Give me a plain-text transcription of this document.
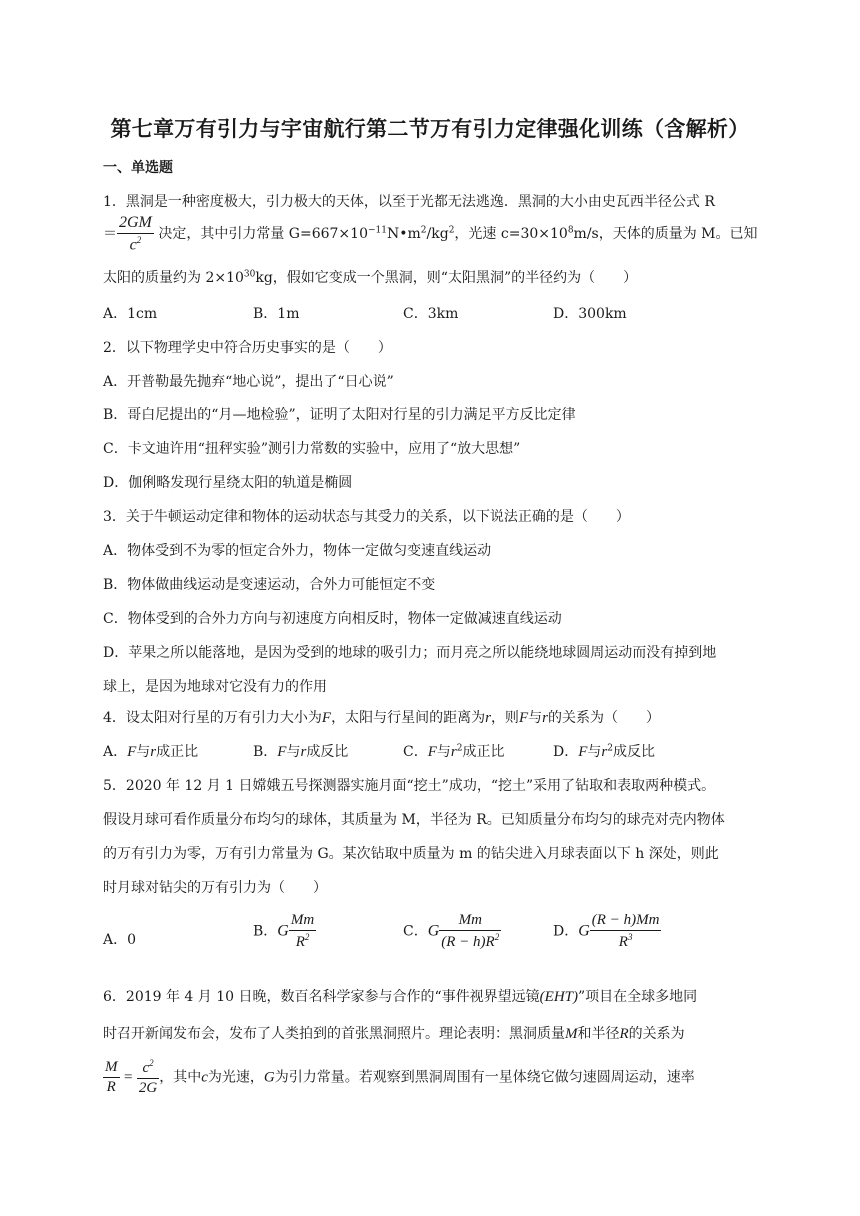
第七章万有引力与宇宙航行第二节万有引力定律强化训练（含解析）
一、单选题
1．黑洞是一种密度极大，引力极大的天体，以至于光都无法逃逸．黑洞的大小由史瓦西半径公式 R
＝ $\frac{2GM}{c^2}$ 决定，其中引力常量 $G=667\times 10^{-11}N•m^2/kg^2$，光速 $c=30\times 10^8m/s$，天体的质量为 M。已知
太阳的质量约为 $2\times 10^{30}kg$，假如它变成一个黑洞，则“太阳黑洞”的半径约为（　　）
A．1cm	B．1m	C．3km	D．300km
2．以下物理学史中符合历史事实的是（　　）
A．开普勒最先抛弃“地心说”，提出了“日心说”
B．哥白尼提出的“月—地检验”，证明了太阳对行星的引力满足平方反比定律
C．卡文迪许用“扭秤实验”测引力常数的实验中，应用了“放大思想”
D．伽俐略发现行星绕太阳的轨道是椭圆
3．关于牛顿运动定律和物体的运动状态与其受力的关系，以下说法正确的是（　　）
A．物体受到不为零的恒定合外力，物体一定做匀变速直线运动
B．物体做曲线运动是变速运动，合外力可能恒定不变
C．物体受到的合外力方向与初速度方向相反时，物体一定做减速直线运动
D．苹果之所以能落地，是因为受到的地球的吸引力；而月亮之所以能绕地球圆周运动而没有掉到地
球上，是因为地球对它没有力的作用
4．设太阳对行星的万有引力大小为F，太阳与行星间的距离为r，则F与r的关系为（　　）
A．F与r成正比	B．F与r成反比	C．F与$r^2$成正比	D．F与$r^2$成反比
5．2020 年 12 月 1 日嫦娥五号探测器实施月面“挖土”成功，“挖土”采用了钻取和表取两种模式。
假设月球可看作质量分布均匀的球体，其质量为 M，半径为 R。已知质量分布均匀的球壳对壳内物体
的万有引力为零，万有引力常量为 G。某次钻取中质量为 m 的钻尖进入月球表面以下 h 深处，则此
时月球对钻尖的万有引力为（　　）
A．0
B．G $\frac{Mm}{R^2}$	C．G $\frac{Mm}{(R - h)R^2}$	D．G $\frac{(R - h)Mm}{R^3}$
6．2019 年 4 月 10 日晚，数百名科学家参与合作的“事件视界望远镜(EHT)”项目在全球多地同
时召开新闻发布会，发布了人类拍到的首张黑洞照片。理论表明：黑洞质量M和半径R的关系为
$\frac{M}{R} = \frac{c^2}{2G}$ ，其中c为光速，G为引力常量。若观察到黑洞周围有一星体绕它做匀速圆周运动，速率
